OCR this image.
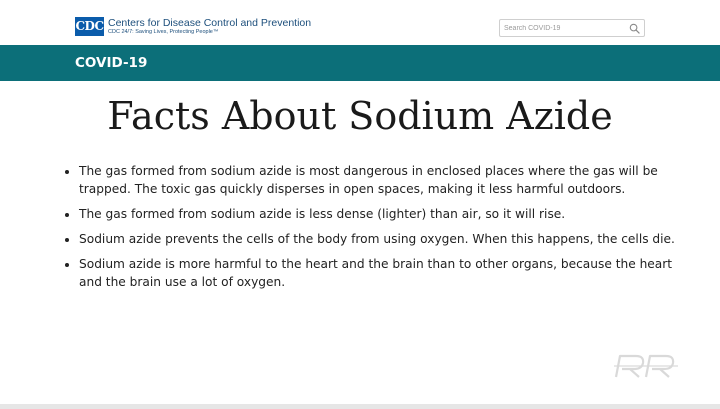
CDC Centers for Disease Control and Prevention
CDC 24/7: Saving Lives, Protecting People™
Search COVID-19
COVID-19
Facts About Sodium Azide
• The gas formed from sodium azide is most dangerous in enclosed places where the gas will be trapped. The toxic gas quickly disperses in open spaces, making it less harmful outdoors.
• The gas formed from sodium azide is less dense (lighter) than air, so it will rise.
• Sodium azide prevents the cells of the body from using oxygen. When this happens, the cells die.
• Sodium azide is more harmful to the heart and the brain than to other organs, because the heart and the brain use a lot of oxygen.
